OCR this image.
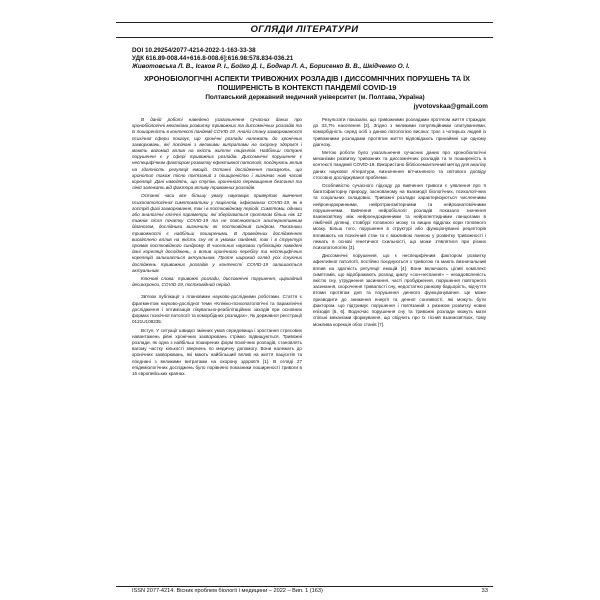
ОГЛЯДИ ЛІТЕРАТУРИ
DOI 10.29254/2077-4214-2022-1-163-33-38
УДК 616.89-008.44+616.8-008.6]:616.98:578.834-036.21
Животовська Л. В., Ісаков Р. І., Бойко Д. І., Боднар Л. А., Борисенко В. В., Шкідченко О. І.
ХРОНОБІОЛОГІЧНІ АСПЕКТИ ТРИВОЖНИХ РОЗЛАДІВ І ДИССОМНІЧНИХ ПОРУШЕНЬ ТА ЇХ ПОШИРЕНІСТЬ В КОНТЕКСТІ ПАНДЕМІЇ COVID-19
Полтавський державний медичний університет (м. Полтава, Україна)
jyvotovskaa@gmail.com

В даній роботі наведено узагальнення сучасних даних про хронобіологічні механізми розвитку тривожних та диссомнічних розладів та їх поширеність в контексті пандемії COVID-19. Аналіз стану захворюваності психічної сфери показує, що хронічні розлади належать до хронічних захворювань, які поєднані з великими витратами на охорону здоров'я і мають вагомий вплив на якість життя пацієнтів. Найбільш потужні порушення є у сфері тривожних розладів. Диссомнічні порушення є неспецифічним фактором розвитку ефективної патології, поєднують вплив на здатність регуляції емоцій. Останні дослідження показують, що хронотип також тісно пов'язаний з поширеністю і визначає нові часові кореляції. Дані наводять, що ступінь хронічного перевищення безсоння та ліній залежать від фактора впливу тривожних розладів.

Останні часи все більшу увагу науковців привертає вивчення психопатологічної симптоматики у пацієнтів, інфікованих COVID-19, як в гострій фазі захворювання, так і в постковідному періоді. Симптоми, однаки або аналогічні клінічні параметри, які зберігаються протягом більш ніж 12 тижнів після початку COVID-19 та не пояснюються альтернативним діагнозом, дослідники визначили як постковідний синдром. Показники тривожності є найбільш поширеними. В проведених дослідженнях висвітлено вплив на якість сну як в умовах пандемії, так і в структурі проявів постковідного синдрому. В чисельних наукових публікаціях наведені дані кореляції досліджень, а вплив хронічного перебігу та неспецифічних кореляцій залишається актуальним. Проте широкий огляд усіх існуючих досліджень тривожних розладів у контексті COVID-19 залишається актуальним.

Ключові слова: тривожні розлади, диссомнічні порушення, циркадний десинхроноз, COVID-19, постковідний період.

Зв'язок публікації з плановими науково-дослідними роботами. Стаття є фрагментом науково-дослідної теми «Клініко-психопатологічні та параклінічні дослідження і оптимізація лікувально-реабілітаційних заходів при основних формах психічної патології та коморбідних розладах», № державної реєстрації 0121U108235.

Вступ. У ситуації швидко змінних умов середовища і зростання стресових навантажень рівні хронічних захворювань стрімко підвищуються. Тривожні розлади, як одна з найбільш поширених форм психічних розладів, становлять вагому частку кількості звернень по медичну допомогу. Вони належать до хронічних захворювань, які мають найбільший вплив на життя пацієнтів та поєднані з великими витратами на охорону здоров'я [1]. В огляді 27 епідеміологічних досліджень було порівняно показники поширеності тривоги в 16 європейських країнах.

Результати показали, що тривожними розладами протягом життя страждає до 33,7% населення [2]. Згідно з великими популяційними опитуваннями, коморбідність серед осіб з даною патологією висока: троє з чотирьох людей із тривожними розладами протягом життя відповідають принаймні ще одному діагнозу.

Метою роботи було узагальнення сучасних даних про хронобіологічні механізми розвитку тривожних та диссомнічних розладів та їх поширеність в контексті пандемії COVID-19. Використано бібліосемантичний метод для аналізу даних наукової літератури, визначення вітчизняного та світового досвіду стосовно досліджуваної проблеми.

Особливістю сучасного підходу до вивчення тривоги є уявлення про її багатофакторну природу, заснованому на взаємодії біологічних, психологічних та соціальних складових. Тривожні розлади характеризуються численними нейроендокринними, нейротрансмітерними та нейроанатомічними порушеннями. Вивчення нейробіології розладів показало значення взаємозв'язку між нейроендокринними та нейропептидними ланцюгами в лімбічній ділянці, стовбурі головного мозку та вищих відділах кори головного мозку. Більш того, порушення в структурі або функціонуванні рецепторів впливають на психічний стан та є важливою ланкою у розвитку тривожності і лежать в основі генетичної схильності, що може з'являтися при різних психопатологіях [3].

Диссомнічні порушення, що є неспецифічним фактором розвитку афективної патології, постійно поєднуються з тривогою та мають визначальний вплив на здатність регуляції емоцій [4]. Вони включають цілий комплекс симптомів, що відображають розлад циклу «сон-неспання» – незадоволеність якістю сну, утруднення засинання, часті пробудження, порушення повторного засинання, скорочення тривалості сну, недостатню ранкову бадьорість, відчуття втоми протягом дня та порушення денного функціонування. Це може призводити до зниження енергії та денної сонливості, які можуть бути фактором, що підтримує порушення і пов'язаний з ризиком розвитку нових епізодів [5, 6]. Водночас порушення сну та тривожні розлади можуть мати спільні механізми формування, що свідчить про їх тісний взаємозв'язок, тому можлива корекція обох станів [7].

ISSN 2077-4214. Вісник проблем біології і медицини – 2022 – Вип. 1 (163)	33
